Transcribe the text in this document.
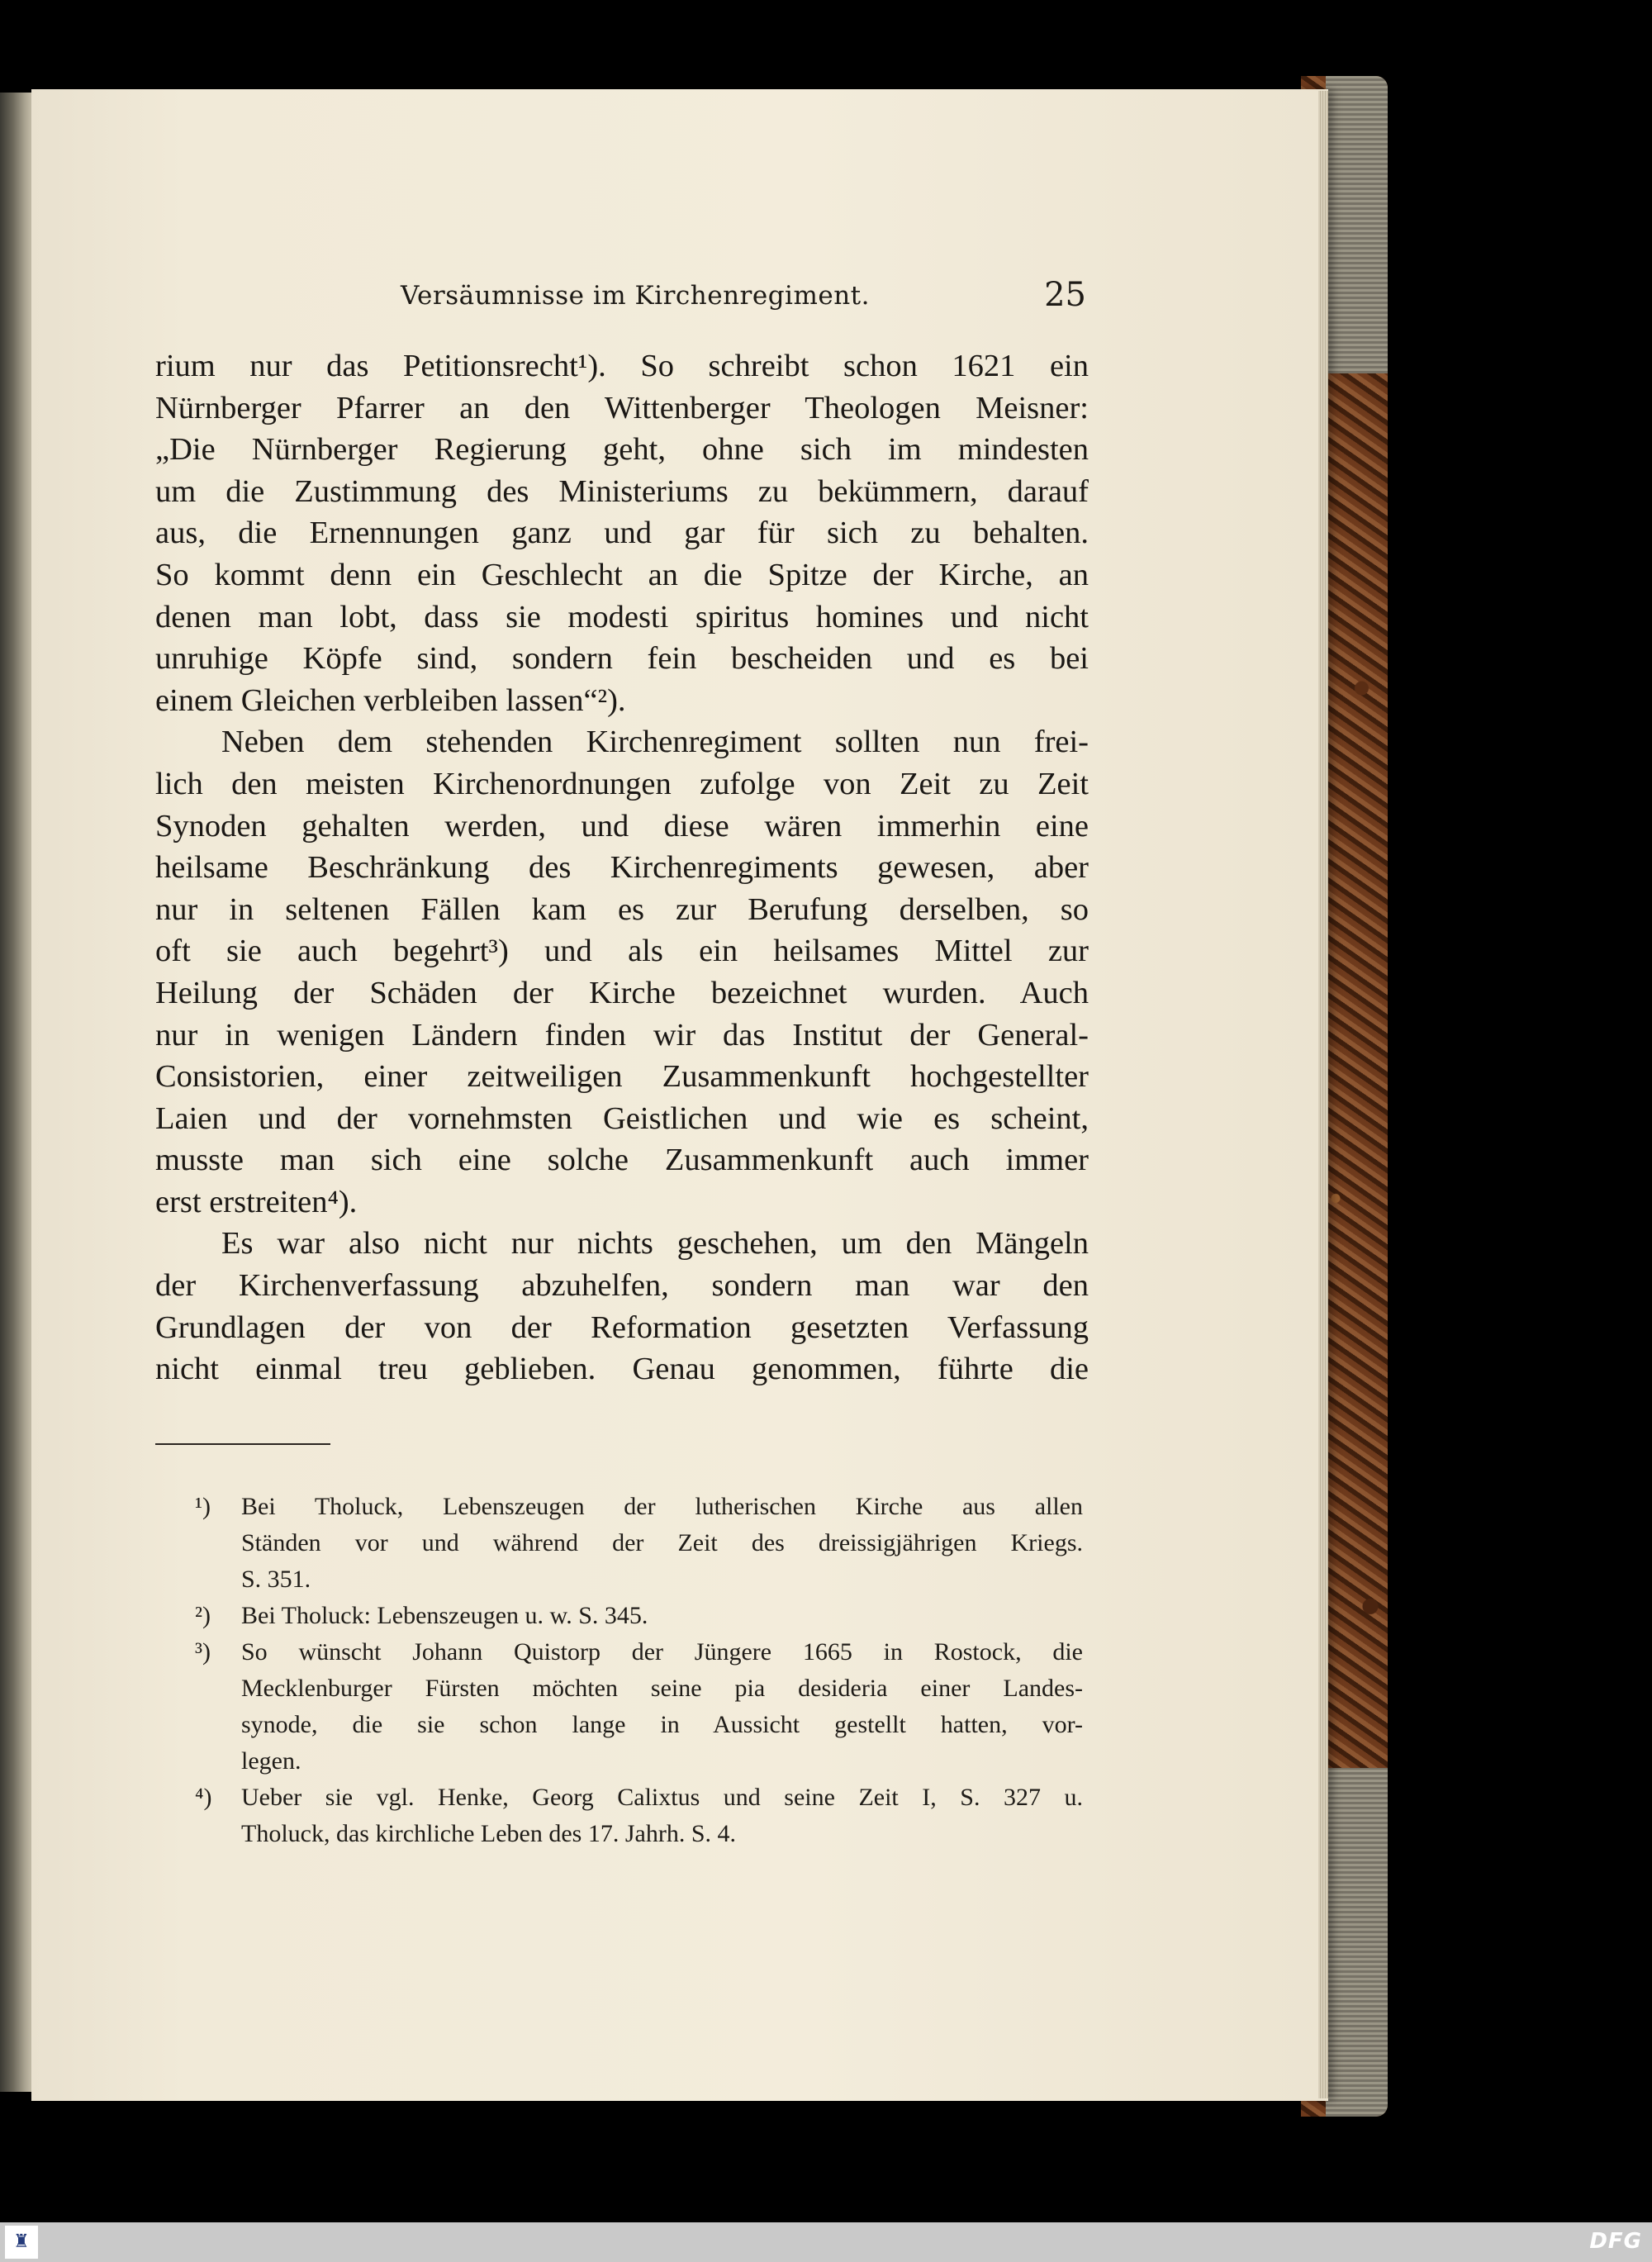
Versäumnisse im Kirchenregiment.	25
rium nur das Petitionsrecht¹). So schreibt schon 1621 ein
Nürnberger Pfarrer an den Wittenberger Theologen Meisner:
„Die Nürnberger Regierung geht, ohne sich im mindesten
um die Zustimmung des Ministeriums zu bekümmern, darauf
aus, die Ernennungen ganz und gar für sich zu behalten.
So kommt denn ein Geschlecht an die Spitze der Kirche, an
denen man lobt, dass sie modesti spiritus homines und nicht
unruhige Köpfe sind, sondern fein bescheiden und es bei
einem Gleichen verbleiben lassen“²).
Neben dem stehenden Kirchenregiment sollten nun frei-
lich den meisten Kirchenordnungen zufolge von Zeit zu Zeit
Synoden gehalten werden, und diese wären immerhin eine
heilsame Beschränkung des Kirchenregiments gewesen, aber
nur in seltenen Fällen kam es zur Berufung derselben, so
oft sie auch begehrt³) und als ein heilsames Mittel zur
Heilung der Schäden der Kirche bezeichnet wurden. Auch
nur in wenigen Ländern finden wir das Institut der General-
Consistorien, einer zeitweiligen Zusammenkunft hochgestellter
Laien und der vornehmsten Geistlichen und wie es scheint,
musste man sich eine solche Zusammenkunft auch immer
erst erstreiten⁴).
Es war also nicht nur nichts geschehen, um den Mängeln
der Kirchenverfassung abzuhelfen, sondern man war den
Grundlagen der von der Reformation gesetzten Verfassung
nicht einmal treu geblieben. Genau genommen, führte die
¹) Bei Tholuck, Lebenszeugen der lutherischen Kirche aus allen
Ständen vor und während der Zeit des dreissigjährigen Kriegs.
S. 351.
²) Bei Tholuck: Lebenszeugen u. w. S. 345.
³) So wünscht Johann Quistorp der Jüngere 1665 in Rostock, die
Mecklenburger Fürsten möchten seine pia desideria einer Landes-
synode, die sie schon lange in Aussicht gestellt hatten, vor-
legen.
⁴) Ueber sie vgl. Henke, Georg Calixtus und seine Zeit I, S. 327 u.
Tholuck, das kirchliche Leben des 17. Jahrh. S. 4.
♜	DFG
